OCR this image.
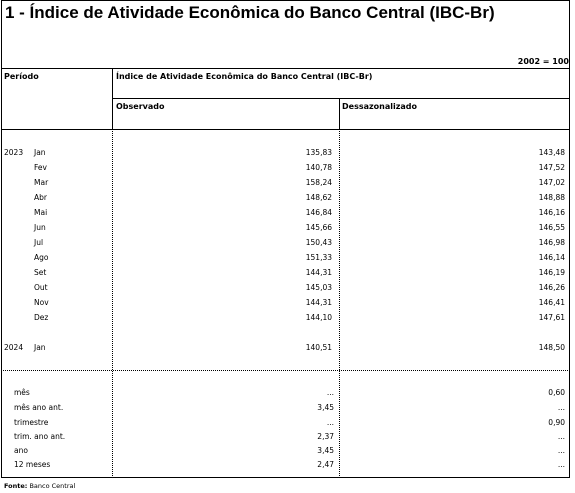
1 - Índice de Atividade Econômica do Banco Central (IBC-Br)
2002 = 100
Período	Índice de Atividade Econômica do Banco Central (IBC-Br)
Observado	Dessazonalizado
2023 Jan	135,83	143,48
Fev	140,78	147,52
Mar	158,24	147,02
Abr	148,62	148,88
Mai	146,84	146,16
Jun	145,66	146,55
Jul	150,43	146,98
Ago	151,33	146,14
Set	144,31	146,19
Out	145,03	146,26
Nov	144,31	146,41
Dez	144,10	147,61
2024 Jan	140,51	148,50
mês	...	0,60
mês ano ant.	3,45	...
trimestre	...	0,90
trim. ano ant.	2,37	...
ano	3,45	...
12 meses	2,47	...
Fonte: Banco Central
